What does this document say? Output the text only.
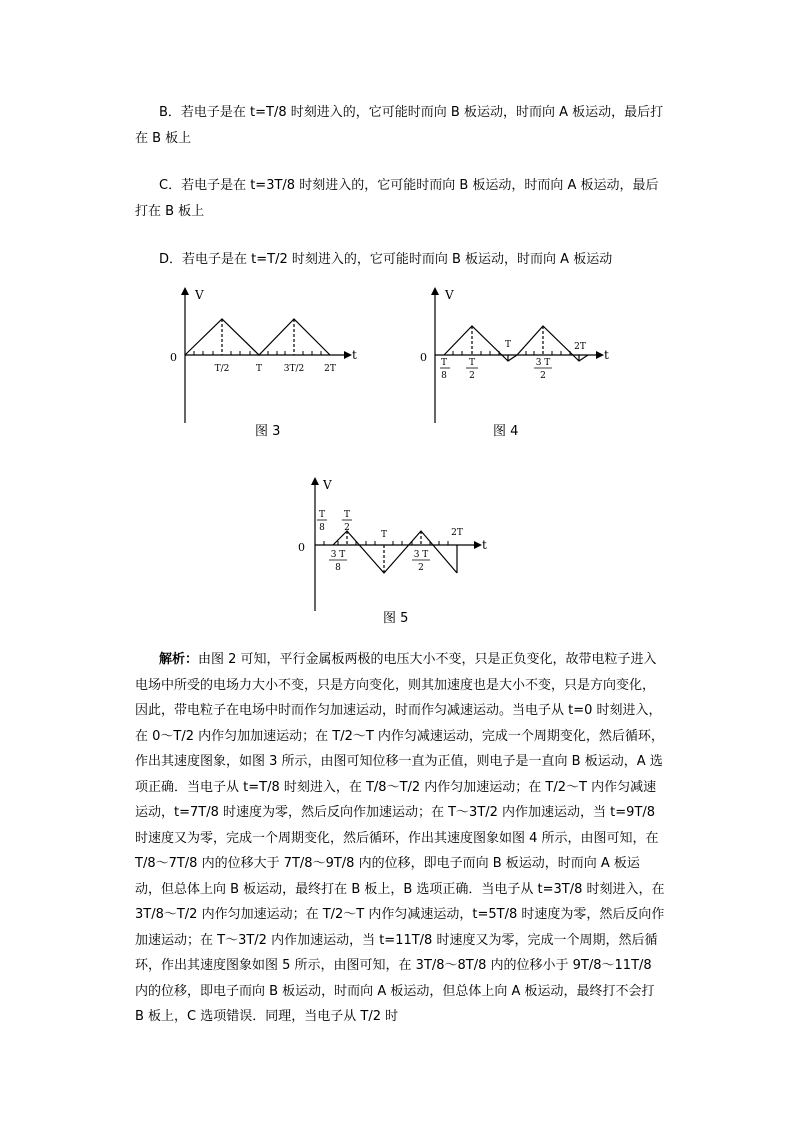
B．若电子是在 t=T/8 时刻进入的，它可能时而向 B 板运动，时而向 A 板运动，最后打在 B 板上
C．若电子是在 t=3T/8 时刻进入的，它可能时而向 B 板运动，时而向 A 板运动，最后打在 B 板上
D．若电子是在 t=T/2 时刻进入的，它可能时而向 B 板运动，时而向 A 板运动
V
t
0
T/2	T 3T/2 2T
图 3
V
t
0
T	2T
T
8
T
2
3 T
2
图 4
V
t
0
T	2T
T
8
T
2
3 T
8
3 T
2
图 5
解析：由图 2 可知，平行金属板两极的电压大小不变，只是正负变化，故带电粒子进入电场中所受的电场力大小不变，只是方向变化，则其加速度也是大小不变，只是方向变化，因此，带电粒子在电场中时而作匀加速运动，时而作匀减速运动。当电子从 t=0 时刻进入，在 0～T/2 内作匀加加速运动；在 T/2～T 内作匀减速运动，完成一个周期变化，然后循环，作出其速度图象，如图 3 所示，由图可知位移一直为正值，则电子是一直向 B 板运动，A 选项正确．当电子从 t=T/8 时刻进入，在 T/8～T/2 内作匀加速运动；在 T/2～T 内作匀减速运动，t=7T/8 时速度为零，然后反向作加速运动；在 T～3T/2 内作加速运动，当 t=9T/8 时速度又为零，完成一个周期变化，然后循环，作出其速度图象如图 4 所示，由图可知，在 T/8～7T/8 内的位移大于 7T/8～9T/8 内的位移，即电子而向 B 板运动，时而向 A 板运动，但总体上向 B 板运动，最终打在 B 板上，B 选项正确．当电子从 t=3T/8 时刻进入，在 3T/8～T/2 内作匀加速运动；在 T/2～T 内作匀减速运动，t=5T/8 时速度为零，然后反向作加速运动；在 T～3T/2 内作加速运动，当 t=11T/8 时速度又为零，完成一个周期，然后循环，作出其速度图象如图 5 所示，由图可知，在 3T/8～8T/8 内的位移小于 9T/8～11T/8 内的位移，即电子而向 B 板运动，时而向 A 板运动，但总体上向 A 板运动，最终打不会打 B 板上，C 选项错误．同理，当电子从 T/2 时
